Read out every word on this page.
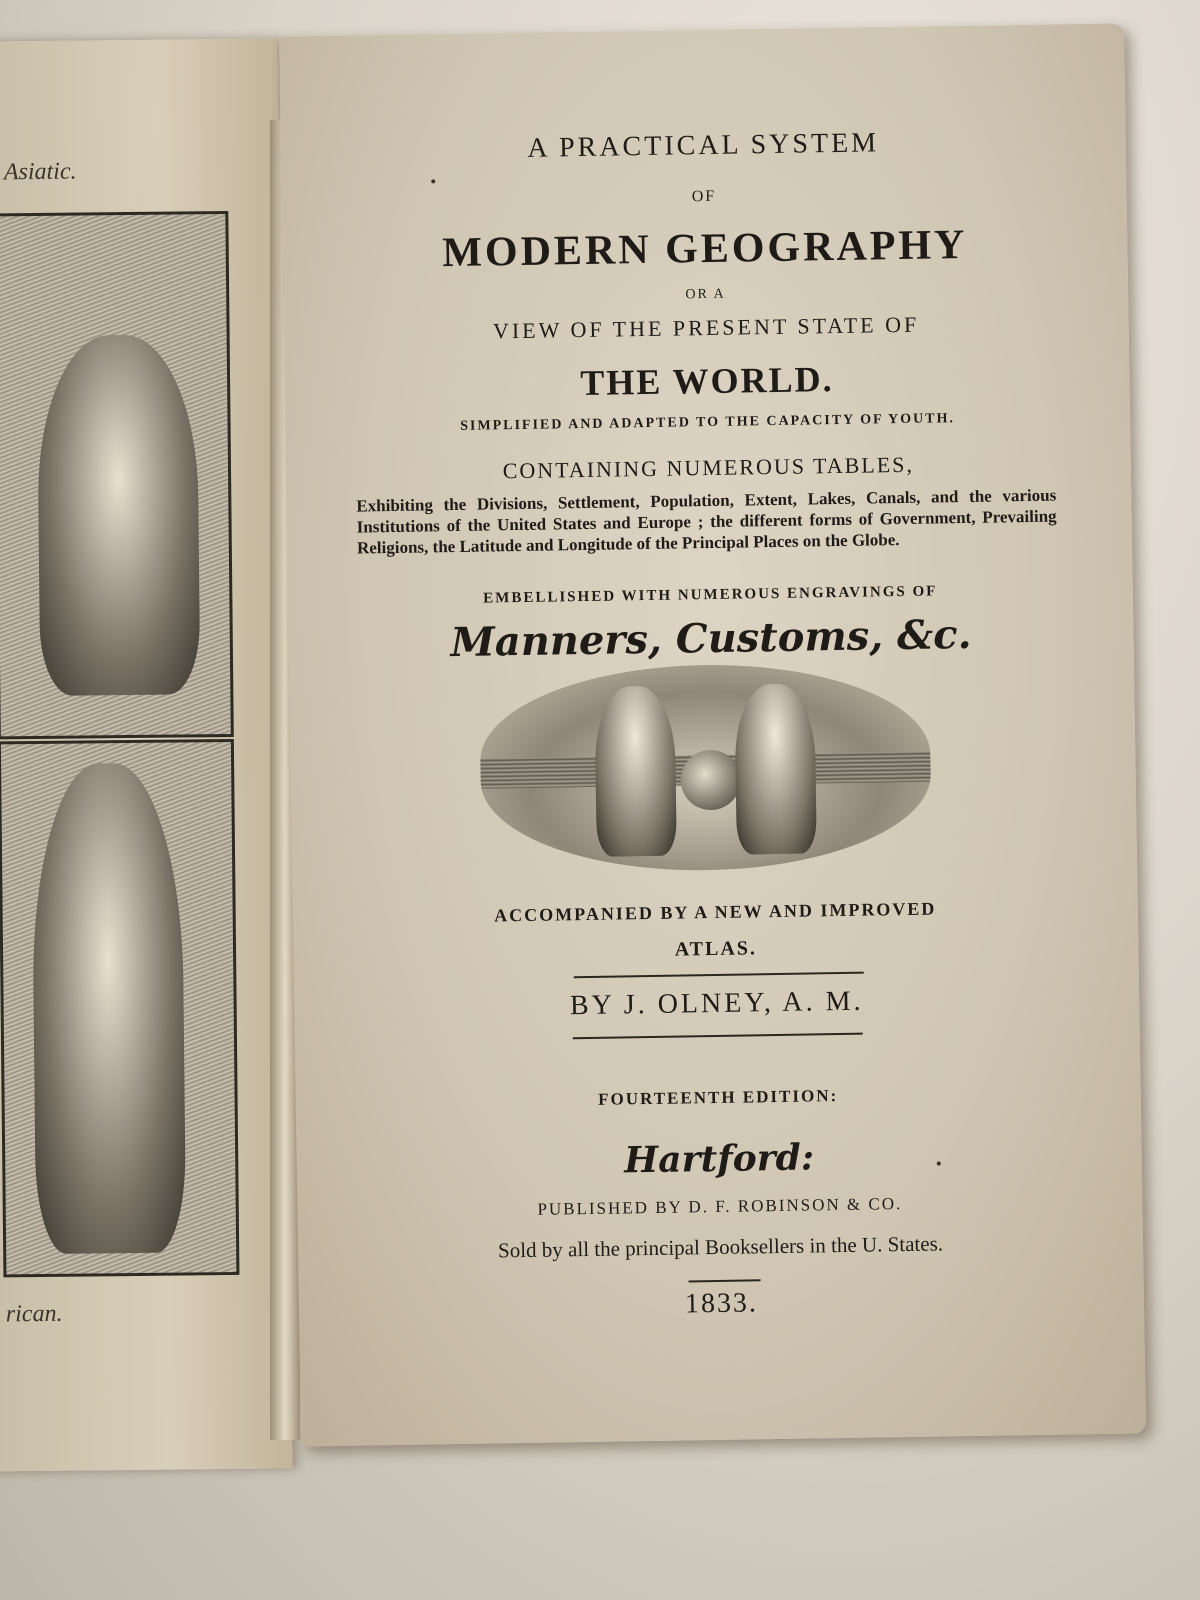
Asiatic.
rican.
A PRACTICAL SYSTEM
OF
MODERN GEOGRAPHY
OR A
VIEW OF THE PRESENT STATE OF
THE WORLD.
SIMPLIFIED AND ADAPTED TO THE CAPACITY OF YOUTH.
CONTAINING NUMEROUS TABLES,
Exhibiting the Divisions, Settlement, Population, Extent, Lakes, Canals, and the various Institutions of the United States and Europe ; the different forms of Government, Prevailing Religions, the Latitude and Longitude of the Principal Places on the Globe.
EMBELLISHED WITH NUMEROUS ENGRAVINGS OF
Manners, Customs, &c.
ACCOMPANIED BY A NEW AND IMPROVED
ATLAS.
BY J. OLNEY, A. M.
FOURTEENTH EDITION:
Hartford:
PUBLISHED BY D. F. ROBINSON & CO.
Sold by all the principal Booksellers in the U. States.
1833.
